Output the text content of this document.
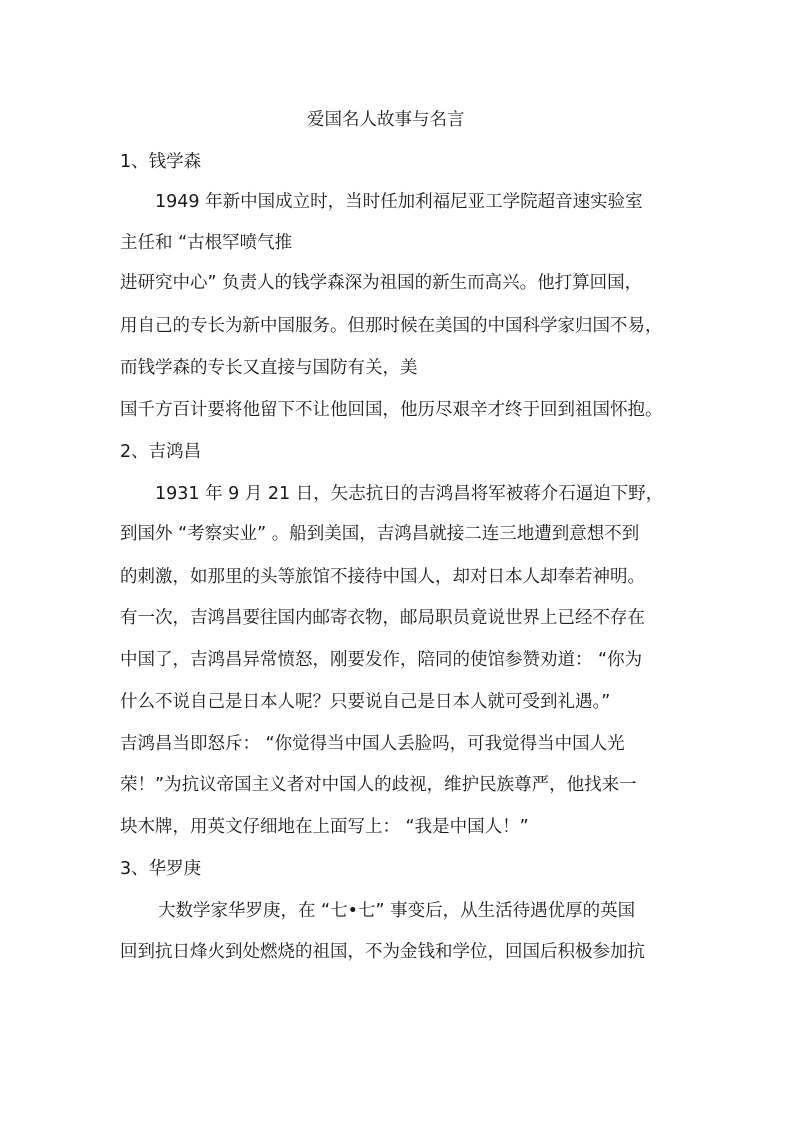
爱国名人故事与名言
1、钱学森
1949 年新中国成立时，当时任加利福尼亚工学院超音速实验室
主任和 “古根罕喷气推
进研究中心” 负责人的钱学森深为祖国的新生而高兴。他打算回国，
用自己的专长为新中国服务。但那时候在美国的中国科学家归国不易，
而钱学森的专长又直接与国防有关，美
国千方百计要将他留下不让他回国，他历尽艰辛才终于回到祖国怀抱。
2、吉鸿昌
1931 年 9 月 21 日，矢志抗日的吉鸿昌将军被蒋介石逼迫下野，
到国外 “考察实业” 。船到美国，吉鸿昌就接二连三地遭到意想不到
的刺激，如那里的头等旅馆不接待中国人，却对日本人却奉若神明。
有一次，吉鸿昌要往国内邮寄衣物，邮局职员竟说世界上已经不存在
中国了，吉鸿昌异常愤怒，刚要发作，陪同的使馆参赞劝道： “你为
什么不说自己是日本人呢？只要说自己是日本人就可受到礼遇。”
吉鸿昌当即怒斥： “你觉得当中国人丢脸吗，可我觉得当中国人光
荣！”为抗议帝国主义者对中国人的歧视，维护民族尊严，他找来一
块木牌，用英文仔细地在上面写上： “我是中国人！”
3、华罗庚
大数学家华罗庚，在 “七•七” 事变后，从生活待遇优厚的英国
回到抗日烽火到处燃烧的祖国，不为金钱和学位，回国后积极参加抗
